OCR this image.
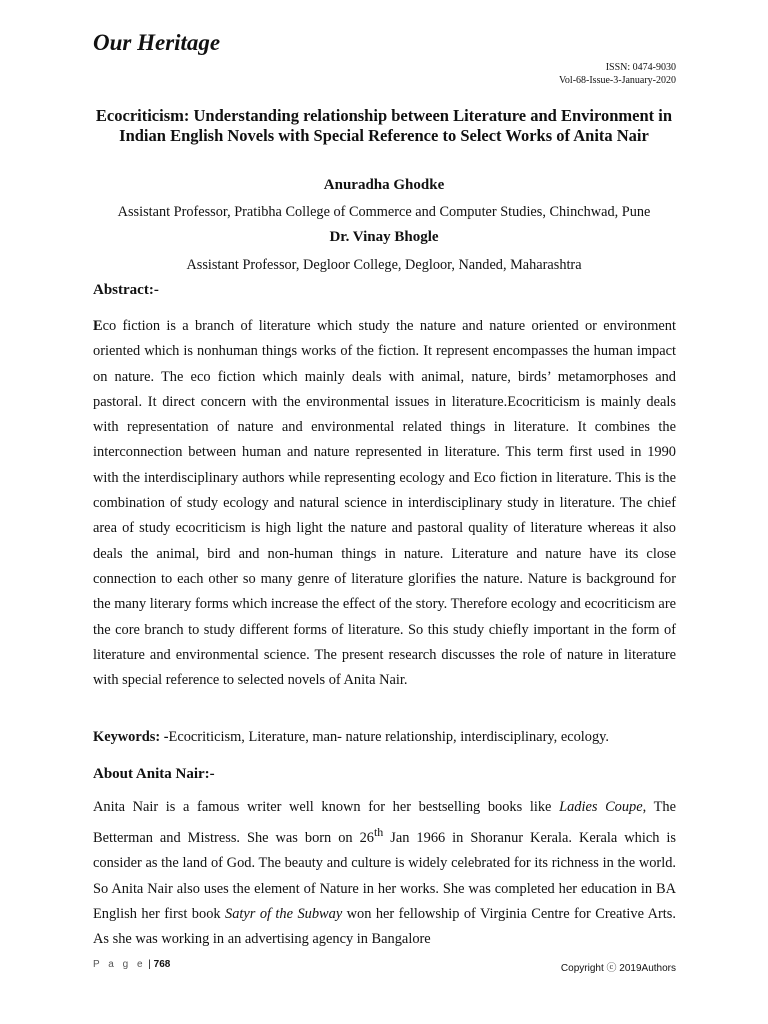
Our Heritage
ISSN: 0474-9030
Vol-68-Issue-3-January-2020
Ecocriticism: Understanding relationship between Literature and Environment in Indian English Novels with Special Reference to Select Works of Anita Nair

Anuradha Ghodke

Assistant Professor, Pratibha College of Commerce and Computer Studies, Chinchwad, Pune

Dr. Vinay Bhogle

Assistant Professor, Degloor College, Degloor, Nanded, Maharashtra

Abstract:-

Eco fiction is a branch of literature which study the nature and nature oriented or environment oriented which is nonhuman things works of the fiction. It represent encompasses the human impact on nature. The eco fiction which mainly deals with animal, nature, birds’ metamorphoses and pastoral. It direct concern with the environmental issues in literature.Ecocriticism is mainly deals with representation of nature and environmental related things in literature. It combines the interconnection between human and nature represented in literature. This term first used in 1990 with the interdisciplinary authors while representing ecology and Eco fiction in literature. This is the combination of study ecology and natural science in interdisciplinary study in literature. The chief area of study ecocriticism is high light the nature and pastoral quality of literature whereas it also deals the animal, bird and non-human things in nature. Literature and nature have its close connection to each other so many genre of literature glorifies the nature. Nature is background for the many literary forms which increase the effect of the story. Therefore ecology and ecocriticism are the core branch to study different forms of literature. So this study chiefly important in the form of literature and environmental science. The present research discusses the role of nature in literature with special reference to selected novels of Anita Nair.

Keywords: -Ecocriticism, Literature, man- nature relationship, interdisciplinary, ecology.

About Anita Nair:-

Anita Nair is a famous writer well known for her bestselling books like Ladies Coupe, The Betterman and Mistress. She was born on 26th Jan 1966 in Shoranur Kerala. Kerala which is consider as the land of God. The beauty and culture is widely celebrated for its richness in the world. So Anita Nair also uses the element of Nature in her works. She was completed her education in BA English her first book Satyr of the Subway won her fellowship of Virginia Centre for Creative Arts. As she was working in an advertising agency in Bangalore

P a g e | 768	Copyright ⓒ 2019Authors
